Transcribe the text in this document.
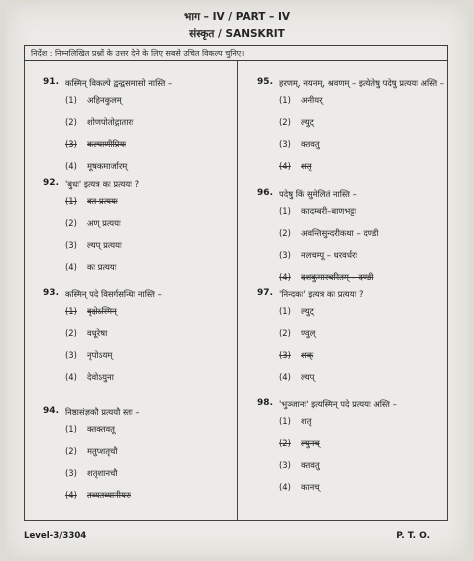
भाग – IV / PART – IV
संस्कृत / SANSKRIT
निर्देश : निम्नलिखित प्रश्नों के उत्तर देने के लिए सबसे उचित विकल्प चुनिए।
91. कस्मिन् विकल्पे द्वन्द्वसमासो नास्ति –
(1)	अहिनकुलम्
(2)	शोणपोतोद्गातारः
(3)	कल्याणीप्रियः
(4)	मूषकमार्जारम्
92. 'बुधः' इत्यत्र कः प्रत्ययः ?
(1)	क्त प्रत्ययः
(2)	अण् प्रत्ययः
(3)	ल्यप् प्रत्ययः
(4)	कः प्रत्ययः
93. कस्मिन् पदे विसर्गसन्धिः नास्ति –
(1)	वृक्षेऽस्मिन्
(2)	वधूरेषा
(3)	नृपोऽयम्
(4)	देवोऽयुना
94. निष्ठासंज्ञकौ प्रत्ययौ स्तः –
(1)	क्तक्तवतू
(2)	मतुप्शतृचौ
(3)	शतृशानचौ
(4)	तव्यतव्यानीयरः
95. हरणम्, नयनम्, श्रवणम् – इत्येतेषु पदेषु प्रत्ययः अस्ति –
(1)	अनीयर्
(2)	ल्युट्
(3)	क्तवतु
(4)	शतृ
96. पदेषु किं सुमेलितं नास्ति –
(1)	कादम्बरी–बाणभट्टः
(2)	अवन्तिसुन्दरीकथा – दण्डी
(3)	नलचम्पू – धरवर्धरः
(4)	दशकुमारचरितम् – दण्डी
97. 'निन्दकः' इत्यत्र कः प्रत्ययः ?
(1)	ल्युट्
(2)	ण्वुल्
(3)	शक्
(4)	ल्यप्
98. 'भुञ्जानः' इत्यस्मिन् पदे प्रत्ययः अस्ति –
(1)	शतृ
(2)	ल्युनच्
(3)	क्तवतु
(4)	कानच्
Level-3/3304	P. T. O.
